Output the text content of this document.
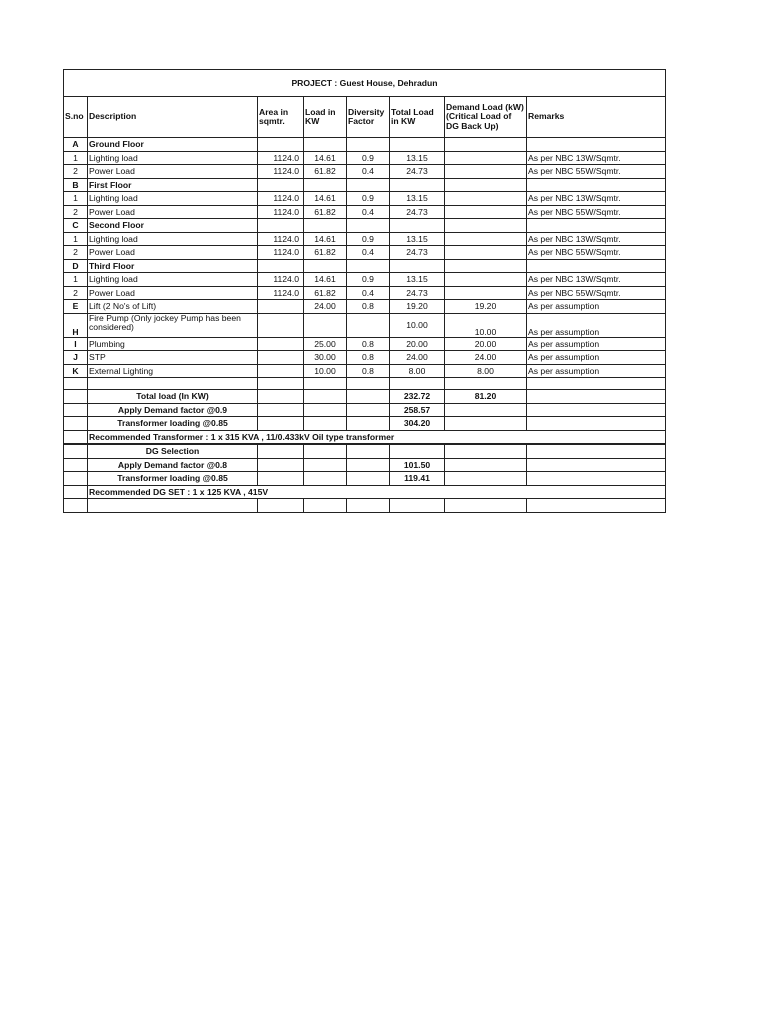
PROJECT : Guest House, Dehradun							
S.no	Description	Area in sqmtr.	Load in KW	Diversity Factor	Total Load in KW	Demand Load (kW) (Critical Load of DG Back Up)	Remarks
A	Ground Floor						
1	Lighting load	1124.0	14.61	0.9	13.15		As per NBC 13W/Sqmtr.
2	Power Load	1124.0	61.82	0.4	24.73		As per NBC 55W/Sqmtr.
B	First Floor						
1	Lighting load	1124.0	14.61	0.9	13.15		As per NBC 13W/Sqmtr.
2	Power Load	1124.0	61.82	0.4	24.73		As per NBC 55W/Sqmtr.
C	Second Floor						
1	Lighting load	1124.0	14.61	0.9	13.15		As per NBC 13W/Sqmtr.
2	Power Load	1124.0	61.82	0.4	24.73		As per NBC 55W/Sqmtr.
D	Third Floor						
1	Lighting load	1124.0	14.61	0.9	13.15		As per NBC 13W/Sqmtr.
2	Power Load	1124.0	61.82	0.4	24.73		As per NBC 55W/Sqmtr.
E	Lift (2 No's of Lift)		24.00	0.8	19.20	19.20	As per assumption
H	Fire Pump (Only jockey Pump has been considered)				10.00	10.00	As per assumption
I	Plumbing		25.00	0.8	20.00	20.00	As per assumption
J	STP		30.00	0.8	24.00	24.00	As per assumption
K	External Lighting		10.00	0.8	8.00	8.00	As per assumption

	Total load (In KW)				232.72	81.20	
	Apply Demand factor @0.9				258.57		
	Transformer loading @0.85				304.20		
	Recommended Transformer : 1 x 315 KVA , 11/0.433kV Oil type transformer						
	DG Selection						
	Apply Demand factor @0.8				101.50		
	Transformer loading @0.85				119.41		
	Recommended DG SET : 1 x 125 KVA , 415V						
